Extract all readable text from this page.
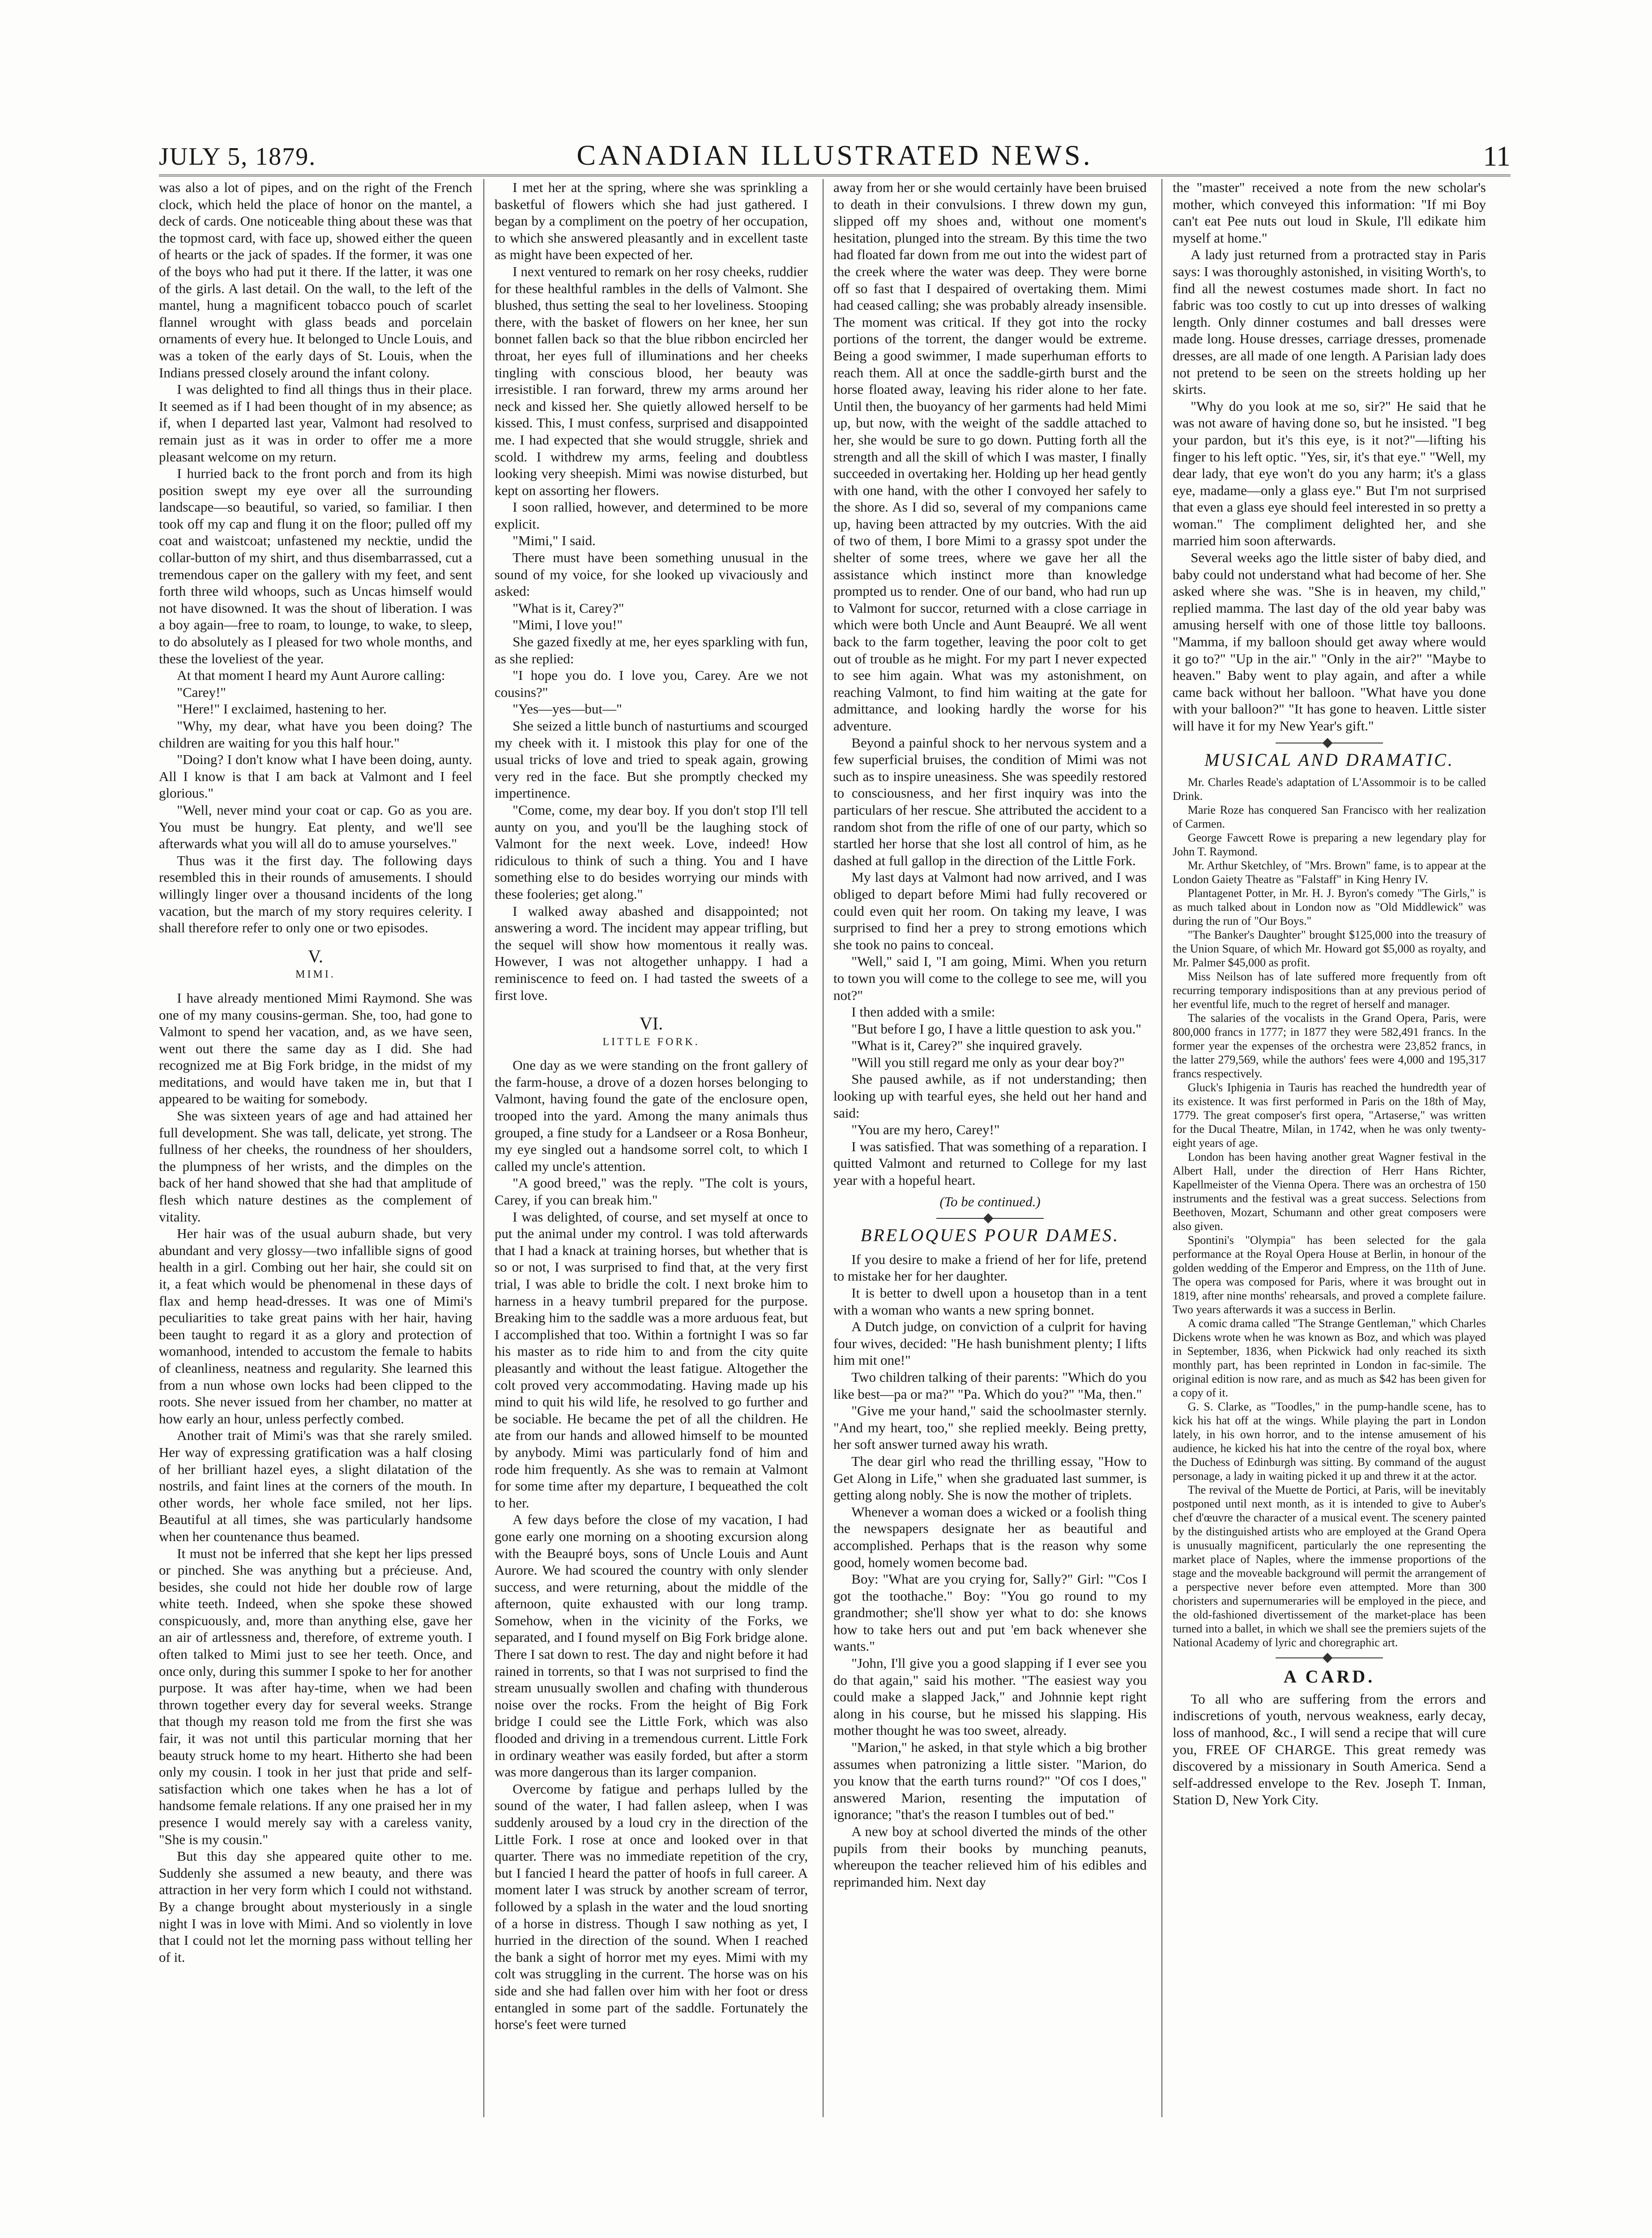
JULY 5, 1879.	CANADIAN ILLUSTRATED NEWS.	11

was also a lot of pipes, and on the right of the French clock, which held the place of honor on the mantel, a deck of cards. One noticeable thing about these was that the topmost card, with face up, showed either the queen of hearts or the jack of spades. If the former, it was one of the boys who had put it there. If the latter, it was one of the girls. A last detail. On the wall, to the left of the mantel, hung a magnificent tobacco pouch of scarlet flannel wrought with glass beads and porcelain ornaments of every hue. It belonged to Uncle Louis, and was a token of the early days of St. Louis, when the Indians pressed closely around the infant colony.

I was delighted to find all things thus in their place. It seemed as if I had been thought of in my absence; as if, when I departed last year, Valmont had resolved to remain just as it was in order to offer me a more pleasant welcome on my return.

I hurried back to the front porch and from its high position swept my eye over all the surrounding landscape—so beautiful, so varied, so familiar. I then took off my cap and flung it on the floor; pulled off my coat and waistcoat; unfastened my necktie, undid the collar-button of my shirt, and thus disembarrassed, cut a tremendous caper on the gallery with my feet, and sent forth three wild whoops, such as Uncas himself would not have disowned. It was the shout of liberation. I was a boy again—free to roam, to lounge, to wake, to sleep, to do absolutely as I pleased for two whole months, and these the loveliest of the year.

At that moment I heard my Aunt Aurore calling:

"Carey!"

"Here!" I exclaimed, hastening to her.

"Why, my dear, what have you been doing? The children are waiting for you this half hour."

"Doing? I don't know what I have been doing, aunty. All I know is that I am back at Valmont and I feel glorious."

"Well, never mind your coat or cap. Go as you are. You must be hungry. Eat plenty, and we'll see afterwards what you will all do to amuse yourselves."

Thus was it the first day. The following days resembled this in their rounds of amusements. I should willingly linger over a thousand incidents of the long vacation, but the march of my story requires celerity. I shall therefore refer to only one or two episodes.

V.
MIMI.

I have already mentioned Mimi Raymond. She was one of my many cousins-german. She, too, had gone to Valmont to spend her vacation, and, as we have seen, went out there the same day as I did. She had recognized me at Big Fork bridge, in the midst of my meditations, and would have taken me in, but that I appeared to be waiting for somebody.

She was sixteen years of age and had attained her full development. She was tall, delicate, yet strong. The fullness of her cheeks, the roundness of her shoulders, the plumpness of her wrists, and the dimples on the back of her hand showed that she had that amplitude of flesh which nature destines as the complement of vitality.

Her hair was of the usual auburn shade, but very abundant and very glossy—two infallible signs of good health in a girl. Combing out her hair, she could sit on it, a feat which would be phenomenal in these days of flax and hemp head-dresses. It was one of Mimi's peculiarities to take great pains with her hair, having been taught to regard it as a glory and protection of womanhood, intended to accustom the female to habits of cleanliness, neatness and regularity. She learned this from a nun whose own locks had been clipped to the roots. She never issued from her chamber, no matter at how early an hour, unless perfectly combed.

Another trait of Mimi's was that she rarely smiled. Her way of expressing gratification was a half closing of her brilliant hazel eyes, a slight dilatation of the nostrils, and faint lines at the corners of the mouth. In other words, her whole face smiled, not her lips. Beautiful at all times, she was particularly handsome when her countenance thus beamed.

It must not be inferred that she kept her lips pressed or pinched. She was anything but a précieuse. And, besides, she could not hide her double row of large white teeth. Indeed, when she spoke these showed conspicuously, and, more than anything else, gave her an air of artlessness and, therefore, of extreme youth. I often talked to Mimi just to see her teeth. Once, and once only, during this summer I spoke to her for another purpose. It was after hay-time, when we had been thrown together every day for several weeks. Strange that though my reason told me from the first she was fair, it was not until this particular morning that her beauty struck home to my heart. Hitherto she had been only my cousin. I took in her just that pride and self-satisfaction which one takes when he has a lot of handsome female relations. If any one praised her in my presence I would merely say with a careless vanity, "She is my cousin."

But this day she appeared quite other to me. Suddenly she assumed a new beauty, and there was attraction in her very form which I could not withstand. By a change brought about mysteriously in a single night I was in love with Mimi. And so violently in love that I could not let the morning pass without telling her of it.

I met her at the spring, where she was sprinkling a basketful of flowers which she had just gathered. I began by a compliment on the poetry of her occupation, to which she answered pleasantly and in excellent taste as might have been expected of her.

I next ventured to remark on her rosy cheeks, ruddier for these healthful rambles in the dells of Valmont. She blushed, thus setting the seal to her loveliness. Stooping there, with the basket of flowers on her knee, her sun bonnet fallen back so that the blue ribbon encircled her throat, her eyes full of illuminations and her cheeks tingling with conscious blood, her beauty was irresistible. I ran forward, threw my arms around her neck and kissed her. She quietly allowed herself to be kissed. This, I must confess, surprised and disappointed me. I had expected that she would struggle, shriek and scold. I withdrew my arms, feeling and doubtless looking very sheepish. Mimi was nowise disturbed, but kept on assorting her flowers.

I soon rallied, however, and determined to be more explicit.

"Mimi," I said.

There must have been something unusual in the sound of my voice, for she looked up vivaciously and asked:

"What is it, Carey?"

"Mimi, I love you!"

She gazed fixedly at me, her eyes sparkling with fun, as she replied:

"I hope you do. I love you, Carey. Are we not cousins?"

"Yes—yes—but—"

She seized a little bunch of nasturtiums and scourged my cheek with it. I mistook this play for one of the usual tricks of love and tried to speak again, growing very red in the face. But she promptly checked my impertinence.

"Come, come, my dear boy. If you don't stop I'll tell aunty on you, and you'll be the laughing stock of Valmont for the next week. Love, indeed! How ridiculous to think of such a thing. You and I have something else to do besides worrying our minds with these fooleries; get along."

I walked away abashed and disappointed; not answering a word. The incident may appear trifling, but the sequel will show how momentous it really was. However, I was not altogether unhappy. I had a reminiscence to feed on. I had tasted the sweets of a first love.

VI.
LITTLE FORK.

One day as we were standing on the front gallery of the farm-house, a drove of a dozen horses belonging to Valmont, having found the gate of the enclosure open, trooped into the yard. Among the many animals thus grouped, a fine study for a Landseer or a Rosa Bonheur, my eye singled out a handsome sorrel colt, to which I called my uncle's attention.

"A good breed," was the reply. "The colt is yours, Carey, if you can break him."

I was delighted, of course, and set myself at once to put the animal under my control. I was told afterwards that I had a knack at training horses, but whether that is so or not, I was surprised to find that, at the very first trial, I was able to bridle the colt. I next broke him to harness in a heavy tumbril prepared for the purpose. Breaking him to the saddle was a more arduous feat, but I accomplished that too. Within a fortnight I was so far his master as to ride him to and from the city quite pleasantly and without the least fatigue. Altogether the colt proved very accommodating. Having made up his mind to quit his wild life, he resolved to go further and be sociable. He became the pet of all the children. He ate from our hands and allowed himself to be mounted by anybody. Mimi was particularly fond of him and rode him frequently. As she was to remain at Valmont for some time after my departure, I bequeathed the colt to her.

A few days before the close of my vacation, I had gone early one morning on a shooting excursion along with the Beaupré boys, sons of Uncle Louis and Aunt Aurore. We had scoured the country with only slender success, and were returning, about the middle of the afternoon, quite exhausted with our long tramp. Somehow, when in the vicinity of the Forks, we separated, and I found myself on Big Fork bridge alone. There I sat down to rest. The day and night before it had rained in torrents, so that I was not surprised to find the stream unusually swollen and chafing with thunderous noise over the rocks. From the height of Big Fork bridge I could see the Little Fork, which was also flooded and driving in a tremendous current. Little Fork in ordinary weather was easily forded, but after a storm was more dangerous than its larger companion.

Overcome by fatigue and perhaps lulled by the sound of the water, I had fallen asleep, when I was suddenly aroused by a loud cry in the direction of the Little Fork. I rose at once and looked over in that quarter. There was no immediate repetition of the cry, but I fancied I heard the patter of hoofs in full career. A moment later I was struck by another scream of terror, followed by a splash in the water and the loud snorting of a horse in distress. Though I saw nothing as yet, I hurried in the direction of the sound. When I reached the bank a sight of horror met my eyes. Mimi with my colt was struggling in the current. The horse was on his side and she had fallen over him with her foot or dress entangled in some part of the saddle. Fortunately the horse's feet were turned

away from her or she would certainly have been bruised to death in their convulsions. I threw down my gun, slipped off my shoes and, without one moment's hesitation, plunged into the stream. By this time the two had floated far down from me out into the widest part of the creek where the water was deep. They were borne off so fast that I despaired of overtaking them. Mimi had ceased calling; she was probably already insensible. The moment was critical. If they got into the rocky portions of the torrent, the danger would be extreme. Being a good swimmer, I made superhuman efforts to reach them. All at once the saddle-girth burst and the horse floated away, leaving his rider alone to her fate. Until then, the buoyancy of her garments had held Mimi up, but now, with the weight of the saddle attached to her, she would be sure to go down. Putting forth all the strength and all the skill of which I was master, I finally succeeded in overtaking her. Holding up her head gently with one hand, with the other I convoyed her safely to the shore. As I did so, several of my companions came up, having been attracted by my outcries. With the aid of two of them, I bore Mimi to a grassy spot under the shelter of some trees, where we gave her all the assistance which instinct more than knowledge prompted us to render. One of our band, who had run up to Valmont for succor, returned with a close carriage in which were both Uncle and Aunt Beaupré. We all went back to the farm together, leaving the poor colt to get out of trouble as he might. For my part I never expected to see him again. What was my astonishment, on reaching Valmont, to find him waiting at the gate for admittance, and looking hardly the worse for his adventure.

Beyond a painful shock to her nervous system and a few superficial bruises, the condition of Mimi was not such as to inspire uneasiness. She was speedily restored to consciousness, and her first inquiry was into the particulars of her rescue. She attributed the accident to a random shot from the rifle of one of our party, which so startled her horse that she lost all control of him, as he dashed at full gallop in the direction of the Little Fork.

My last days at Valmont had now arrived, and I was obliged to depart before Mimi had fully recovered or could even quit her room. On taking my leave, I was surprised to find her a prey to strong emotions which she took no pains to conceal.

"Well," said I, "I am going, Mimi. When you return to town you will come to the college to see me, will you not?"

I then added with a smile:

"But before I go, I have a little question to ask you."

"What is it, Carey?" she inquired gravely.

"Will you still regard me only as your dear boy?"

She paused awhile, as if not understanding; then looking up with tearful eyes, she held out her hand and said:

"You are my hero, Carey!"

I was satisfied. That was something of a reparation. I quitted Valmont and returned to College for my last year with a hopeful heart.

(To be continued.)
BRELOQUES POUR DAMES.

If you desire to make a friend of her for life, pretend to mistake her for her daughter.

It is better to dwell upon a housetop than in a tent with a woman who wants a new spring bonnet.

A Dutch judge, on conviction of a culprit for having four wives, decided: "He hash bunishment plenty; I lifts him mit one!"

Two children talking of their parents: "Which do you like best—pa or ma?" "Pa. Which do you?" "Ma, then."

"Give me your hand," said the schoolmaster sternly. "And my heart, too," she replied meekly. Being pretty, her soft answer turned away his wrath.

The dear girl who read the thrilling essay, "How to Get Along in Life," when she graduated last summer, is getting along nobly. She is now the mother of triplets.

Whenever a woman does a wicked or a foolish thing the newspapers designate her as beautiful and accomplished. Perhaps that is the reason why some good, homely women become bad.

Boy: "What are you crying for, Sally?" Girl: "'Cos I got the toothache." Boy: "You go round to my grandmother; she'll show yer what to do: she knows how to take hers out and put 'em back whenever she wants."

"John, I'll give you a good slapping if I ever see you do that again," said his mother. "The easiest way you could make a slapped Jack," and Johnnie kept right along in his course, but he missed his slapping. His mother thought he was too sweet, already.

"Marion," he asked, in that style which a big brother assumes when patronizing a little sister. "Marion, do you know that the earth turns round?" "Of cos I does," answered Marion, resenting the imputation of ignorance; "that's the reason I tumbles out of bed."

A new boy at school diverted the minds of the other pupils from their books by munching peanuts, whereupon the teacher relieved him of his edibles and reprimanded him. Next day

the "master" received a note from the new scholar's mother, which conveyed this information: "If mi Boy can't eat Pee nuts out loud in Skule, I'll edikate him myself at home."

A lady just returned from a protracted stay in Paris says: I was thoroughly astonished, in visiting Worth's, to find all the newest costumes made short. In fact no fabric was too costly to cut up into dresses of walking length. Only dinner costumes and ball dresses were made long. House dresses, carriage dresses, promenade dresses, are all made of one length. A Parisian lady does not pretend to be seen on the streets holding up her skirts.

"Why do you look at me so, sir?" He said that he was not aware of having done so, but he insisted. "I beg your pardon, but it's this eye, is it not?"—lifting his finger to his left optic. "Yes, sir, it's that eye." "Well, my dear lady, that eye won't do you any harm; it's a glass eye, madame—only a glass eye." But I'm not surprised that even a glass eye should feel interested in so pretty a woman." The compliment delighted her, and she married him soon afterwards.

Several weeks ago the little sister of baby died, and baby could not understand what had become of her. She asked where she was. "She is in heaven, my child," replied mamma. The last day of the old year baby was amusing herself with one of those little toy balloons. "Mamma, if my balloon should get away where would it go to?" "Up in the air." "Only in the air?" "Maybe to heaven." Baby went to play again, and after a while came back without her balloon. "What have you done with your balloon?" "It has gone to heaven. Little sister will have it for my New Year's gift."

MUSICAL AND DRAMATIC.

Mr. Charles Reade's adaptation of L'Assommoir is to be called Drink.

Marie Roze has conquered San Francisco with her realization of Carmen.

George Fawcett Rowe is preparing a new legendary play for John T. Raymond.

Mr. Arthur Sketchley, of "Mrs. Brown" fame, is to appear at the London Gaiety Theatre as "Falstaff" in King Henry IV.

Plantagenet Potter, in Mr. H. J. Byron's comedy "The Girls," is as much talked about in London now as "Old Middlewick" was during the run of "Our Boys."

"The Banker's Daughter" brought $125,000 into the treasury of the Union Square, of which Mr. Howard got $5,000 as royalty, and Mr. Palmer $45,000 as profit.

Miss Neilson has of late suffered more frequently from oft recurring temporary indispositions than at any previous period of her eventful life, much to the regret of herself and manager.

The salaries of the vocalists in the Grand Opera, Paris, were 800,000 francs in 1777; in 1877 they were 582,491 francs. In the former year the expenses of the orchestra were 23,852 francs, in the latter 279,569, while the authors' fees were 4,000 and 195,317 francs respectively.

Gluck's Iphigenia in Tauris has reached the hundredth year of its existence. It was first performed in Paris on the 18th of May, 1779. The great composer's first opera, "Artaserse," was written for the Ducal Theatre, Milan, in 1742, when he was only twenty-eight years of age.

London has been having another great Wagner festival in the Albert Hall, under the direction of Herr Hans Richter, Kapellmeister of the Vienna Opera. There was an orchestra of 150 instruments and the festival was a great success. Selections from Beethoven, Mozart, Schumann and other great composers were also given.

Spontini's "Olympia" has been selected for the gala performance at the Royal Opera House at Berlin, in honour of the golden wedding of the Emperor and Empress, on the 11th of June. The opera was composed for Paris, where it was brought out in 1819, after nine months' rehearsals, and proved a complete failure. Two years afterwards it was a success in Berlin.

A comic drama called "The Strange Gentleman," which Charles Dickens wrote when he was known as Boz, and which was played in September, 1836, when Pickwick had only reached its sixth monthly part, has been reprinted in London in fac-simile. The original edition is now rare, and as much as $42 has been given for a copy of it.

G. S. Clarke, as "Toodles," in the pump-handle scene, has to kick his hat off at the wings. While playing the part in London lately, in his own horror, and to the intense amusement of his audience, he kicked his hat into the centre of the royal box, where the Duchess of Edinburgh was sitting. By command of the august personage, a lady in waiting picked it up and threw it at the actor.

The revival of the Muette de Portici, at Paris, will be inevitably postponed until next month, as it is intended to give to Auber's chef d'œuvre the character of a musical event. The scenery painted by the distinguished artists who are employed at the Grand Opera is unusually magnificent, particularly the one representing the market place of Naples, where the immense proportions of the stage and the moveable background will permit the arrangement of a perspective never before even attempted. More than 300 choristers and supernumeraries will be employed in the piece, and the old-fashioned divertissement of the market-place has been turned into a ballet, in which we shall see the premiers sujets of the National Academy of lyric and choregraphic art.

A CARD.

To all who are suffering from the errors and indiscretions of youth, nervous weakness, early decay, loss of manhood, &c., I will send a recipe that will cure you, FREE OF CHARGE. This great remedy was discovered by a missionary in South America. Send a self-addressed envelope to the Rev. Joseph T. Inman, Station D, New York City.
